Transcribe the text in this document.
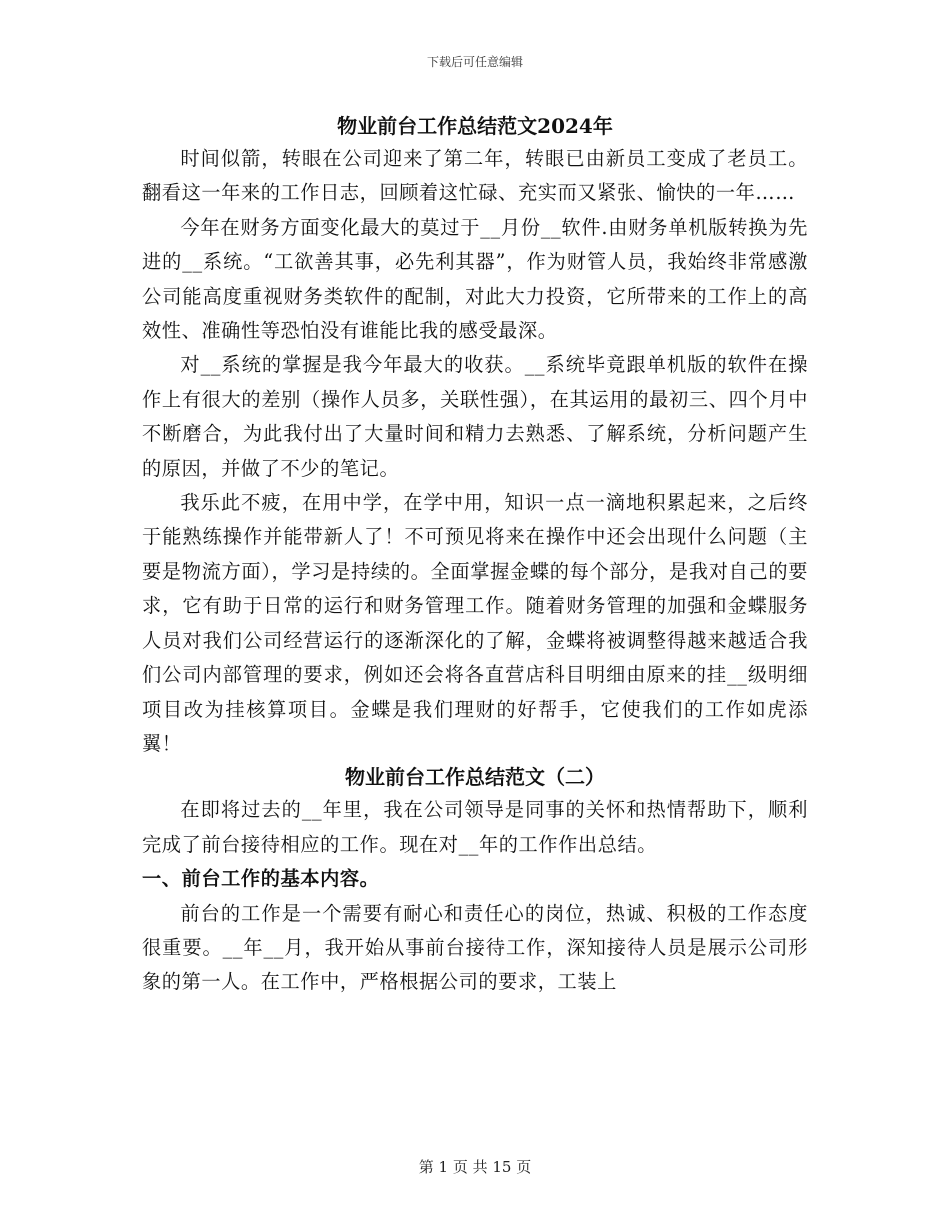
下载后可任意编辑
物业前台工作总结范文2024年

时间似箭，转眼在公司迎来了第二年，转眼已由新员工变成了老员工。翻看这一年来的工作日志，回顾着这忙碌、充实而又紧张、愉快的一年……

今年在财务方面变化最大的莫过于__月份__软件.由财务单机版转换为先进的__系统。“工欲善其事，必先利其器”，作为财管人员，我始终非常感激公司能高度重视财务类软件的配制，对此大力投资，它所带来的工作上的高效性、准确性等恐怕没有谁能比我的感受最深。

对__系统的掌握是我今年最大的收获。__系统毕竟跟单机版的软件在操作上有很大的差别（操作人员多，关联性强），在其运用的最初三、四个月中不断磨合，为此我付出了大量时间和精力去熟悉、了解系统，分析问题产生的原因，并做了不少的笔记。

我乐此不疲，在用中学，在学中用，知识一点一滴地积累起来，之后终于能熟练操作并能带新人了！不可预见将来在操作中还会出现什么问题（主要是物流方面），学习是持续的。全面掌握金蝶的每个部分，是我对自己的要求，它有助于日常的运行和财务管理工作。随着财务管理的加强和金蝶服务人员对我们公司经营运行的逐渐深化的了解，金蝶将被调整得越来越适合我们公司内部管理的要求，例如还会将各直营店科目明细由原来的挂__级明细项目改为挂核算项目。金蝶是我们理财的好帮手，它使我们的工作如虎添翼！

物业前台工作总结范文（二）

在即将过去的__年里，我在公司领导是同事的关怀和热情帮助下，顺利完成了前台接待相应的工作。现在对__年的工作作出总结。

一、前台工作的基本内容。

前台的工作是一个需要有耐心和责任心的岗位，热诚、积极的工作态度很重要。__年__月，我开始从事前台接待工作，深知接待人员是展示公司形象的第一人。在工作中，严格根据公司的要求，工装上

第 1 页 共 15 页
